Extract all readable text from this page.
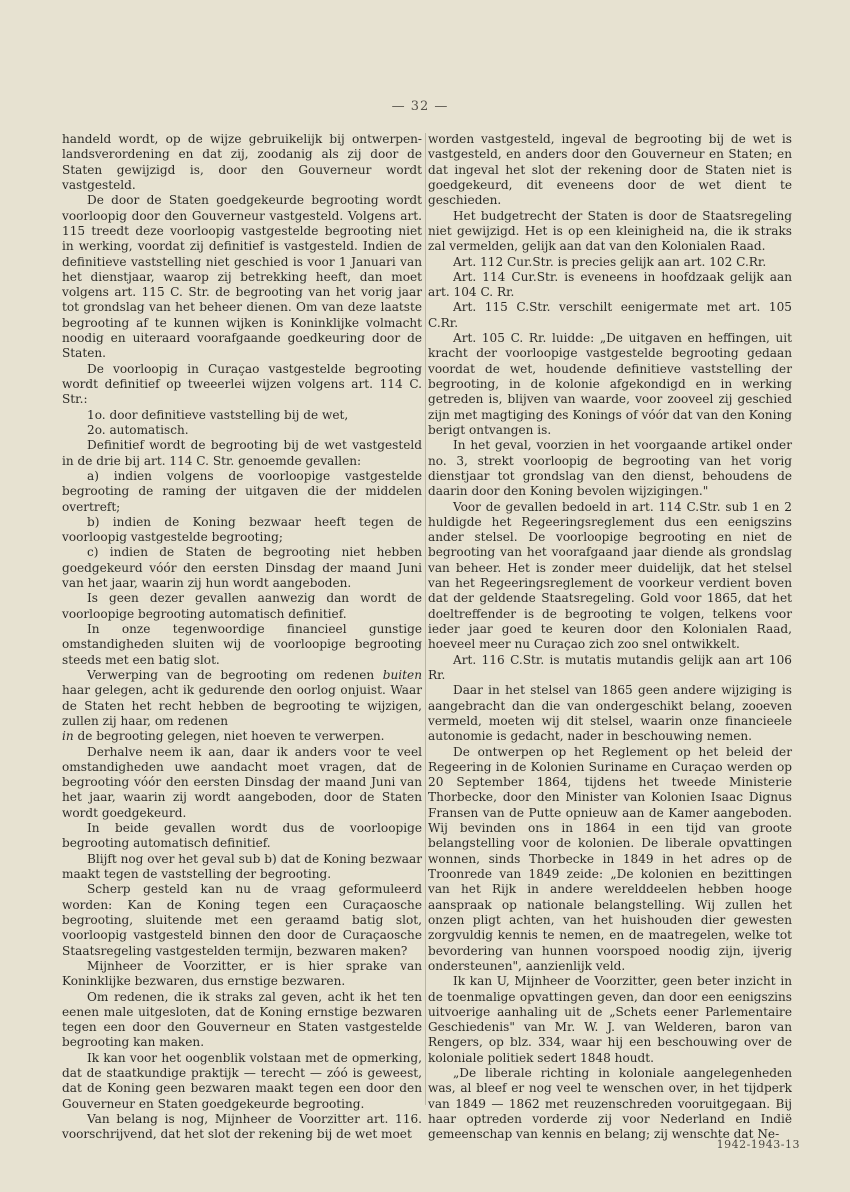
— 32 —

handeld wordt, op de wijze gebruikelijk bij ontwerpen-landsverordening en dat zij, zoodanig als zij door de Staten gewijzigd is, door den Gouverneur wordt vastgesteld.

De door de Staten goedgekeurde begrooting wordt voorloopig door den Gouverneur vastgesteld. Volgens art. 115 treedt deze voorloopig vastgestelde begrooting niet in werking, voordat zij definitief is vastgesteld. Indien de definitieve vaststelling niet geschied is voor 1 Januari van het dienstjaar, waarop zij betrekking heeft, dan moet volgens art. 115 C. Str. de begrooting van het vorig jaar tot grondslag van het beheer dienen. Om van deze laatste begrooting af te kunnen wijken is Koninklijke volmacht noodig en uiteraard voorafgaande goedkeuring door de Staten.

De voorloopig in Curaçao vastgestelde begrooting wordt definitief op tweeerlei wijzen volgens art. 114 C. Str.:

1o. door definitieve vaststelling bij de wet,

2o. automatisch.

Definitief wordt de begrooting bij de wet vastgesteld in de drie bij art. 114 C. Str. genoemde gevallen:

a) indien volgens de voorloopige vastgestelde begrooting de raming der uitgaven die der middelen overtreft;

b) indien de Koning bezwaar heeft tegen de voorloopig vastgestelde begrooting;

c) indien de Staten de begrooting niet hebben goedgekeurd vóór den eersten Dinsdag der maand Juni van het jaar, waarin zij hun wordt aangeboden.

Is geen dezer gevallen aanwezig dan wordt de voorloopige begrooting automatisch definitief.

In onze tegenwoordige financieel gunstige omstandigheden sluiten wij de voorloopige begrooting steeds met een batig slot.

Verwerping van de begrooting om redenen buiten haar gelegen, acht ik gedurende den oorlog onjuist. Waar de Staten het recht hebben de begrooting te wijzigen, zullen zij haar, om redenen

in de begrooting gelegen, niet hoeven te verwerpen.

Derhalve neem ik aan, daar ik anders voor te veel omstandigheden uwe aandacht moet vragen, dat de begrooting vóór den eersten Dinsdag der maand Juni van het jaar, waarin zij wordt aangeboden, door de Staten wordt goedgekeurd.

In beide gevallen wordt dus de voorloopige begrooting automatisch definitief.

Blijft nog over het geval sub b) dat de Koning bezwaar maakt tegen de vaststelling der begrooting.

Scherp gesteld kan nu de vraag geformuleerd worden: Kan de Koning tegen een Curaçaosche begrooting, sluitende met een geraamd batig slot, voorloopig vastgesteld binnen den door de Curaçaosche Staatsregeling vastgestelden termijn, bezwaren maken?

Mijnheer de Voorzitter, er is hier sprake van Koninklijke bezwaren, dus ernstige bezwaren.

Om redenen, die ik straks zal geven, acht ik het ten eenen male uitgesloten, dat de Koning ernstige bezwaren tegen een door den Gouverneur en Staten vastgestelde begrooting kan maken.

Ik kan voor het oogenblik volstaan met de opmerking, dat de staatkundige praktijk — terecht — zóó is geweest, dat de Koning geen bezwaren maakt tegen een door den Gouverneur en Staten goedgekeurde begrooting.

Van belang is nog, Mijnheer de Voorzitter art. 116. voorschrijvend, dat het slot der rekening bij de wet moet

worden vastgesteld, ingeval de begrooting bij de wet is vastgesteld, en anders door den Gouverneur en Staten; en dat ingeval het slot der rekening door de Staten niet is goedgekeurd, dit eveneens door de wet dient te geschieden.

Het budgetrecht der Staten is door de Staatsregeling niet gewijzigd. Het is op een kleinigheid na, die ik straks zal vermelden, gelijk aan dat van den Kolonialen Raad.

Art. 112 Cur.Str. is precies gelijk aan art. 102 C.Rr.

Art. 114 Cur.Str. is eveneens in hoofdzaak gelijk aan art. 104 C. Rr.

Art. 115 C.Str. verschilt eenigermate met art. 105 C.Rr.

Art. 105 C. Rr. luidde: „De uitgaven en heffingen, uit kracht der voorloopige vastgestelde begrooting gedaan voordat de wet, houdende definitieve vaststelling der begrooting, in de kolonie afgekondigd en in werking getreden is, blijven van waarde, voor zooveel zij geschied zijn met magtiging des Konings of vóór dat van den Koning berigt ontvangen is.

In het geval, voorzien in het voorgaande artikel onder no. 3, strekt voorloopig de begrooting van het vorig dienstjaar tot grondslag van den dienst, behoudens de daarin door den Koning bevolen wijzigingen."

Voor de gevallen bedoeld in art. 114 C.Str. sub 1 en 2 huldigde het Regeeringsreglement dus een eenigszins ander stelsel. De voorloopige begrooting en niet de begrooting van het voorafgaand jaar diende als grondslag van beheer. Het is zonder meer duidelijk, dat het stelsel van het Regeeringsreglement de voorkeur verdient boven dat der geldende Staatsregeling. Gold voor 1865, dat het doeltreffender is de begrooting te volgen, telkens voor ieder jaar goed te keuren door den Kolonialen Raad, hoeveel meer nu Curaçao zich zoo snel ontwikkelt.

Art. 116 C.Str. is mutatis mutandis gelijk aan art 106 Rr.

Daar in het stelsel van 1865 geen andere wijziging is aangebracht dan die van ondergeschikt belang, zooeven vermeld, moeten wij dit stelsel, waarin onze financieele autonomie is gedacht, nader in beschouwing nemen.

De ontwerpen op het Reglement op het beleid der Regeering in de Kolonien Suriname en Curaçao werden op 20 September 1864, tijdens het tweede Ministerie Thorbecke, door den Minister van Kolonien Isaac Dignus Fransen van de Putte opnieuw aan de Kamer aangeboden. Wij bevinden ons in 1864 in een tijd van groote belangstelling voor de kolonien. De liberale opvattingen wonnen, sinds Thorbecke in 1849 in het adres op de Troonrede van 1849 zeide: „De kolonien en bezittingen van het Rijk in andere werelddeelen hebben hooge aanspraak op nationale belangstelling. Wij zullen het onzen pligt achten, van het huishouden dier gewesten zorgvuldig kennis te nemen, en de maatregelen, welke tot bevordering van hunnen voorspoed noodig zijn, ijverig ondersteunen", aanzienlijk veld.

Ik kan U, Mijnheer de Voorzitter, geen beter inzicht in de toenmalige opvattingen geven, dan door een eenigszins uitvoerige aanhaling uit de „Schets eener Parlementaire Geschiedenis" van Mr. W. J. van Welderen, baron van Rengers, op blz. 334, waar hij een beschouwing over de koloniale politiek sedert 1848 houdt.

„De liberale richting in koloniale aangelegenheden was, al bleef er nog veel te wenschen over, in het tijdperk van 1849 — 1862 met reuzenschreden vooruitgegaan. Bij haar optreden vorderde zij voor Nederland en Indië gemeenschap van kennis en belang; zij wenschte dat Ne-

1942-1943-13
